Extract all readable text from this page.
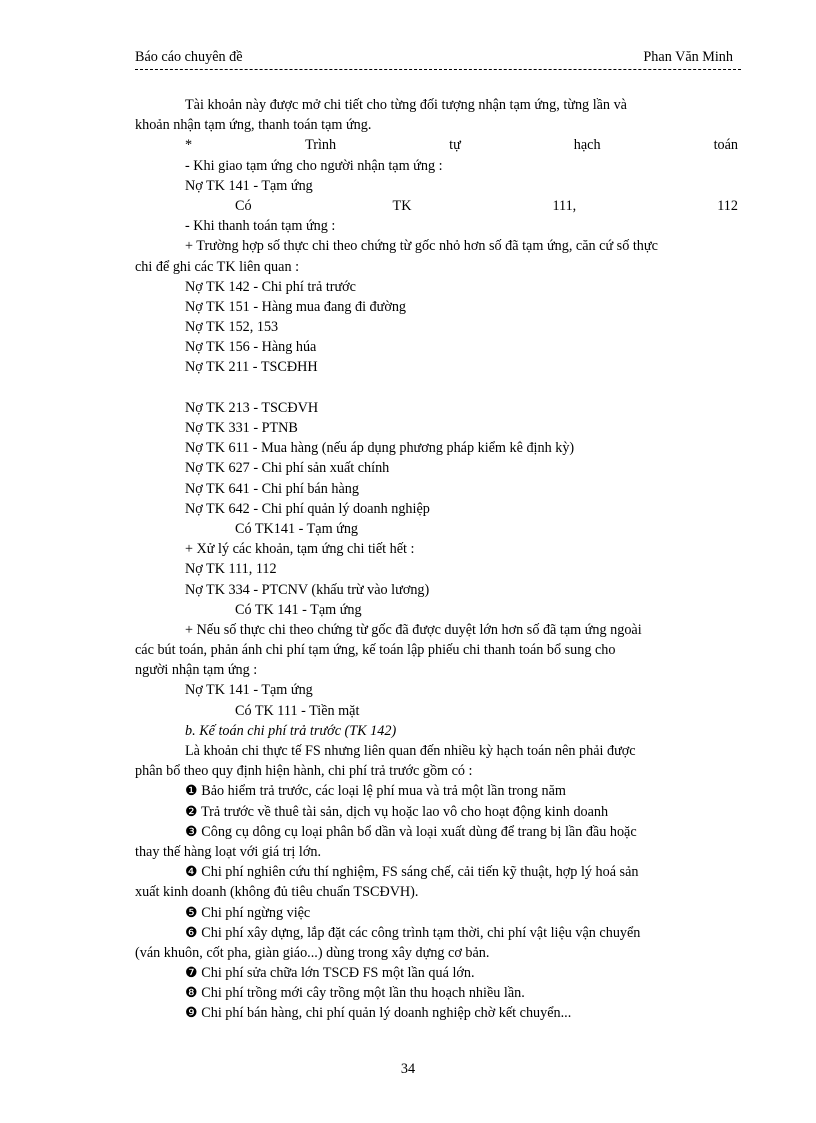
Báo cáo chuyên đề	Phan Văn Minh
Tài khoản này được mở chi tiết cho từng đối tượng nhận tạm ứng, từng lần và
khoản nhận tạm ứng, thanh toán tạm ứng.
*	Trình	tự	hạch	toán
- Khi giao tạm ứng cho người nhận tạm ứng :
Nợ TK 141 - Tạm ứng
Có	TK	111,	112
- Khi thanh toán tạm ứng :
+ Trường hợp số thực chi theo chứng từ gốc nhỏ hơn số đã tạm ứng, căn cứ số thực
chi để ghi các TK liên quan :
Nợ TK 142 - Chi phí trả trước
Nợ TK 151 - Hàng mua đang đi đường
Nợ TK 152, 153
Nợ TK 156 - Hàng húa
Nợ TK 211 - TSCĐHH
Nợ TK 213 - TSCĐVH
Nợ TK 331 - PTNB
Nợ TK 611 - Mua hàng (nếu áp dụng phương pháp kiểm kê định kỳ)
Nợ TK 627 - Chi phí sản xuất chính
Nợ TK 641 - Chi phí bán hàng
Nợ TK 642 - Chi phí quản lý doanh nghiệp
Có TK141 - Tạm ứng
+ Xử lý các khoản, tạm ứng chi tiết hết :
Nợ TK 111, 112
Nợ TK 334 - PTCNV (khấu trừ vào lương)
Có TK 141 - Tạm ứng
+ Nếu số thực chi theo chứng từ gốc đã được duyệt lớn hơn số đã tạm ứng ngoài
các bút toán, phản ánh chi phí tạm ứng, kế toán lập phiếu chi thanh toán bổ sung cho
người nhận tạm ứng :
Nợ TK 141 - Tạm ứng
Có TK 111 - Tiền mặt
b. Kế toán chi phí trả trước (TK 142)
Là khoản chi thực tế FS nhưng liên quan đến nhiều kỳ hạch toán nên phải được
phân bổ theo quy định hiện hành, chi phí trả trước gồm có :
❶ Bảo hiểm trả trước, các loại lệ phí mua và trả một lần trong năm
❷ Trả trước về thuê tài sản, dịch vụ hoặc lao vô cho hoạt động kinh doanh
❸ Công cụ dông cụ loại phân bổ dần và loại xuất dùng để trang bị lần đầu hoặc
thay thế hàng loạt với giá trị lớn.
❹ Chi phí nghiên cứu thí nghiệm, FS sáng chế, cải tiến kỹ thuật, hợp lý hoá sản
xuất kinh doanh (không đủ tiêu chuẩn TSCĐVH).
❺ Chi phí ngừng việc
❻ Chi phí xây dựng, lắp đặt các công trình tạm thời, chi phí vật liệu vận chuyển
(ván khuôn, cốt pha, giàn giáo...) dùng trong xây dựng cơ bản.
❼ Chi phí sửa chữa lớn TSCĐ FS một lần quá lớn.
❽ Chi phí trồng mới cây trồng một lần thu hoạch nhiều lần.
❾ Chi phí bán hàng, chi phí quản lý doanh nghiệp chờ kết chuyển...
34
